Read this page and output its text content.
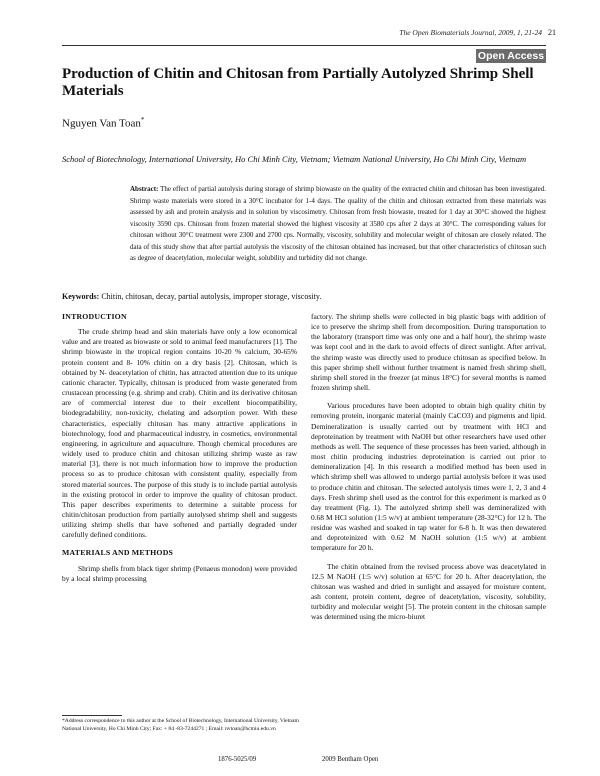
The Open Biomaterials Journal, 2009, 1, 21-24 21
Open Access
Production of Chitin and Chitosan from Partially Autolyzed Shrimp Shell Materials
Nguyen Van Toan*
School of Biotechnology, International University, Ho Chi Minh City, Vietnam; Vietnam National University, Ho Chi Minh City, Vietnam
Abstract: The effect of partial autolysis during storage of shrimp biowaste on the quality of the extracted chitin and chitosan has been investigated. Shrimp waste materials were stored in a 30°C incubator for 1-4 days. The quality of the chitin and chitosan extracted from these materials was assessed by ash and protein analysis and in solution by viscosimetry. Chitosan from fresh biowaste, treated for 1 day at 30°C showed the highest viscosity 3590 cps. Chitosan from frozen material showed the highest viscosity at 3580 cps after 2 days at 30°C. The corresponding values for chitosan without 30°C treatment were 2300 and 2700 cps. Normally, viscosity, solubility and molecular weight of chitosan are closely related. The data of this study show that after partial autolysis the viscosity of the chitosan obtained has increased, but that other characteristics of chitosan such as degree of deacetylation, molecular weight, solubility and turbidity did not change.
Keywords: Chitin, chitosan, decay, partial autolysis, improper storage, viscosity.
INTRODUCTION

The crude shrimp head and skin materials have only a low economical value and are treated as biowaste or sold to animal feed manufacturers [1]. The shrimp biowaste in the tropical region contains 10-20 % calcium, 30-65% protein content and 8- 10% chitin on a dry basis [2]. Chitosan, which is obtained by N- deacetylation of chitin, has attracted attention due to its unique cationic character. Typically, chitosan is produced from waste generated from crustacean processing (e.g. shrimp and crab). Chitin and its derivative chitosan are of commercial interest due to their excellent biocompatibility, biodegradability, non-toxicity, chelating and adsorption power. With these characteristics, especially chitosan has many attractive applications in biotechnology, food and pharmaceutical industry, in cosmetics, environmental engineering, in agriculture and aquaculture. Though chemical procedures are widely used to produce chitin and chitosan utilizing shrimp waste as raw material [3], there is not much information how to improve the production process so as to produce chitosan with consistent quality, especially from stored material sources. The purpose of this study is to include partial autolysis in the existing protocol in order to improve the quality of chitosan product. This paper describes experiments to determine a suitable process for chitin/chitosan production from partially autolysed shrimp shell and suggests utilizing shrimp shells that have softened and partially degraded under carefully defined conditions.

MATERIALS AND METHODS

Shrimp shells from black tiger shrimp (Penaeus monodon) were provided by a local shrimp processing

factory. The shrimp shells were collected in big plastic bags with addition of ice to preserve the shrimp shell from decomposition. During transportation to the laboratory (transport time was only one and a half hour), the shrimp waste was kept cool and in the dark to avoid effects of direct sunlight. After arrival, the shrimp waste was directly used to produce chitosan as specified below. In this paper shrimp shell without further treatment is named fresh shrimp shell, shrimp shell stored in the freezer (at minus 18°C) for several months is named frozen shrimp shell.

Various procedures have been adopted to obtain high quality chitin by removing protein, inorganic material (mainly CaCO3) and pigments and lipid. Demineralization is usually carried out by treatment with HCl and deproteination by treatment with NaOH but other researchers have used other methods as well. The sequence of these processes has been varied, although in most chitin producing industries deproteination is carried out prior to demineralization [4]. In this research a modified method has been used in which shrimp shell was allowed to undergo partial autolysis before it was used to produce chitin and chitosan. The selected autolysis times were 1, 2, 3 and 4 days. Fresh shrimp shell used as the control for this experiment is marked as 0 day treatment (Fig. 1). The autolyzed shrimp shell was demineralized with 0.68 M HCl solution (1:5 w/v) at ambient temperature (28-32°C) for 12 h. The residue was washed and soaked in tap water for 6-8 h. It was then dewatered and deproteinized with 0.62 M NaOH solution (1:5 w/v) at ambient temperature for 20 h.

The chitin obtained from the revised process above was deacetylated in 12.5 M NaOH (1:5 w/v) solution at 65°C for 20 h. After deacetylation, the chitosan was washed and dried in sunlight and assayed for moisture content, ash content, protein content, degree of deacetylation, viscosity, solubility, turbidity and molecular weight [5]. The protein content in the chitosan sample was determined using the micro-biuret

*Address correspondence to this author at the School of Biotechnology, International University, Vietnam National University, Ho Chi Minh City; Fax: + 84 -83-7244271 ; Email: nvtoan@hcmiu.edu.vn
1876-5025/09	2009 Bentham Open
